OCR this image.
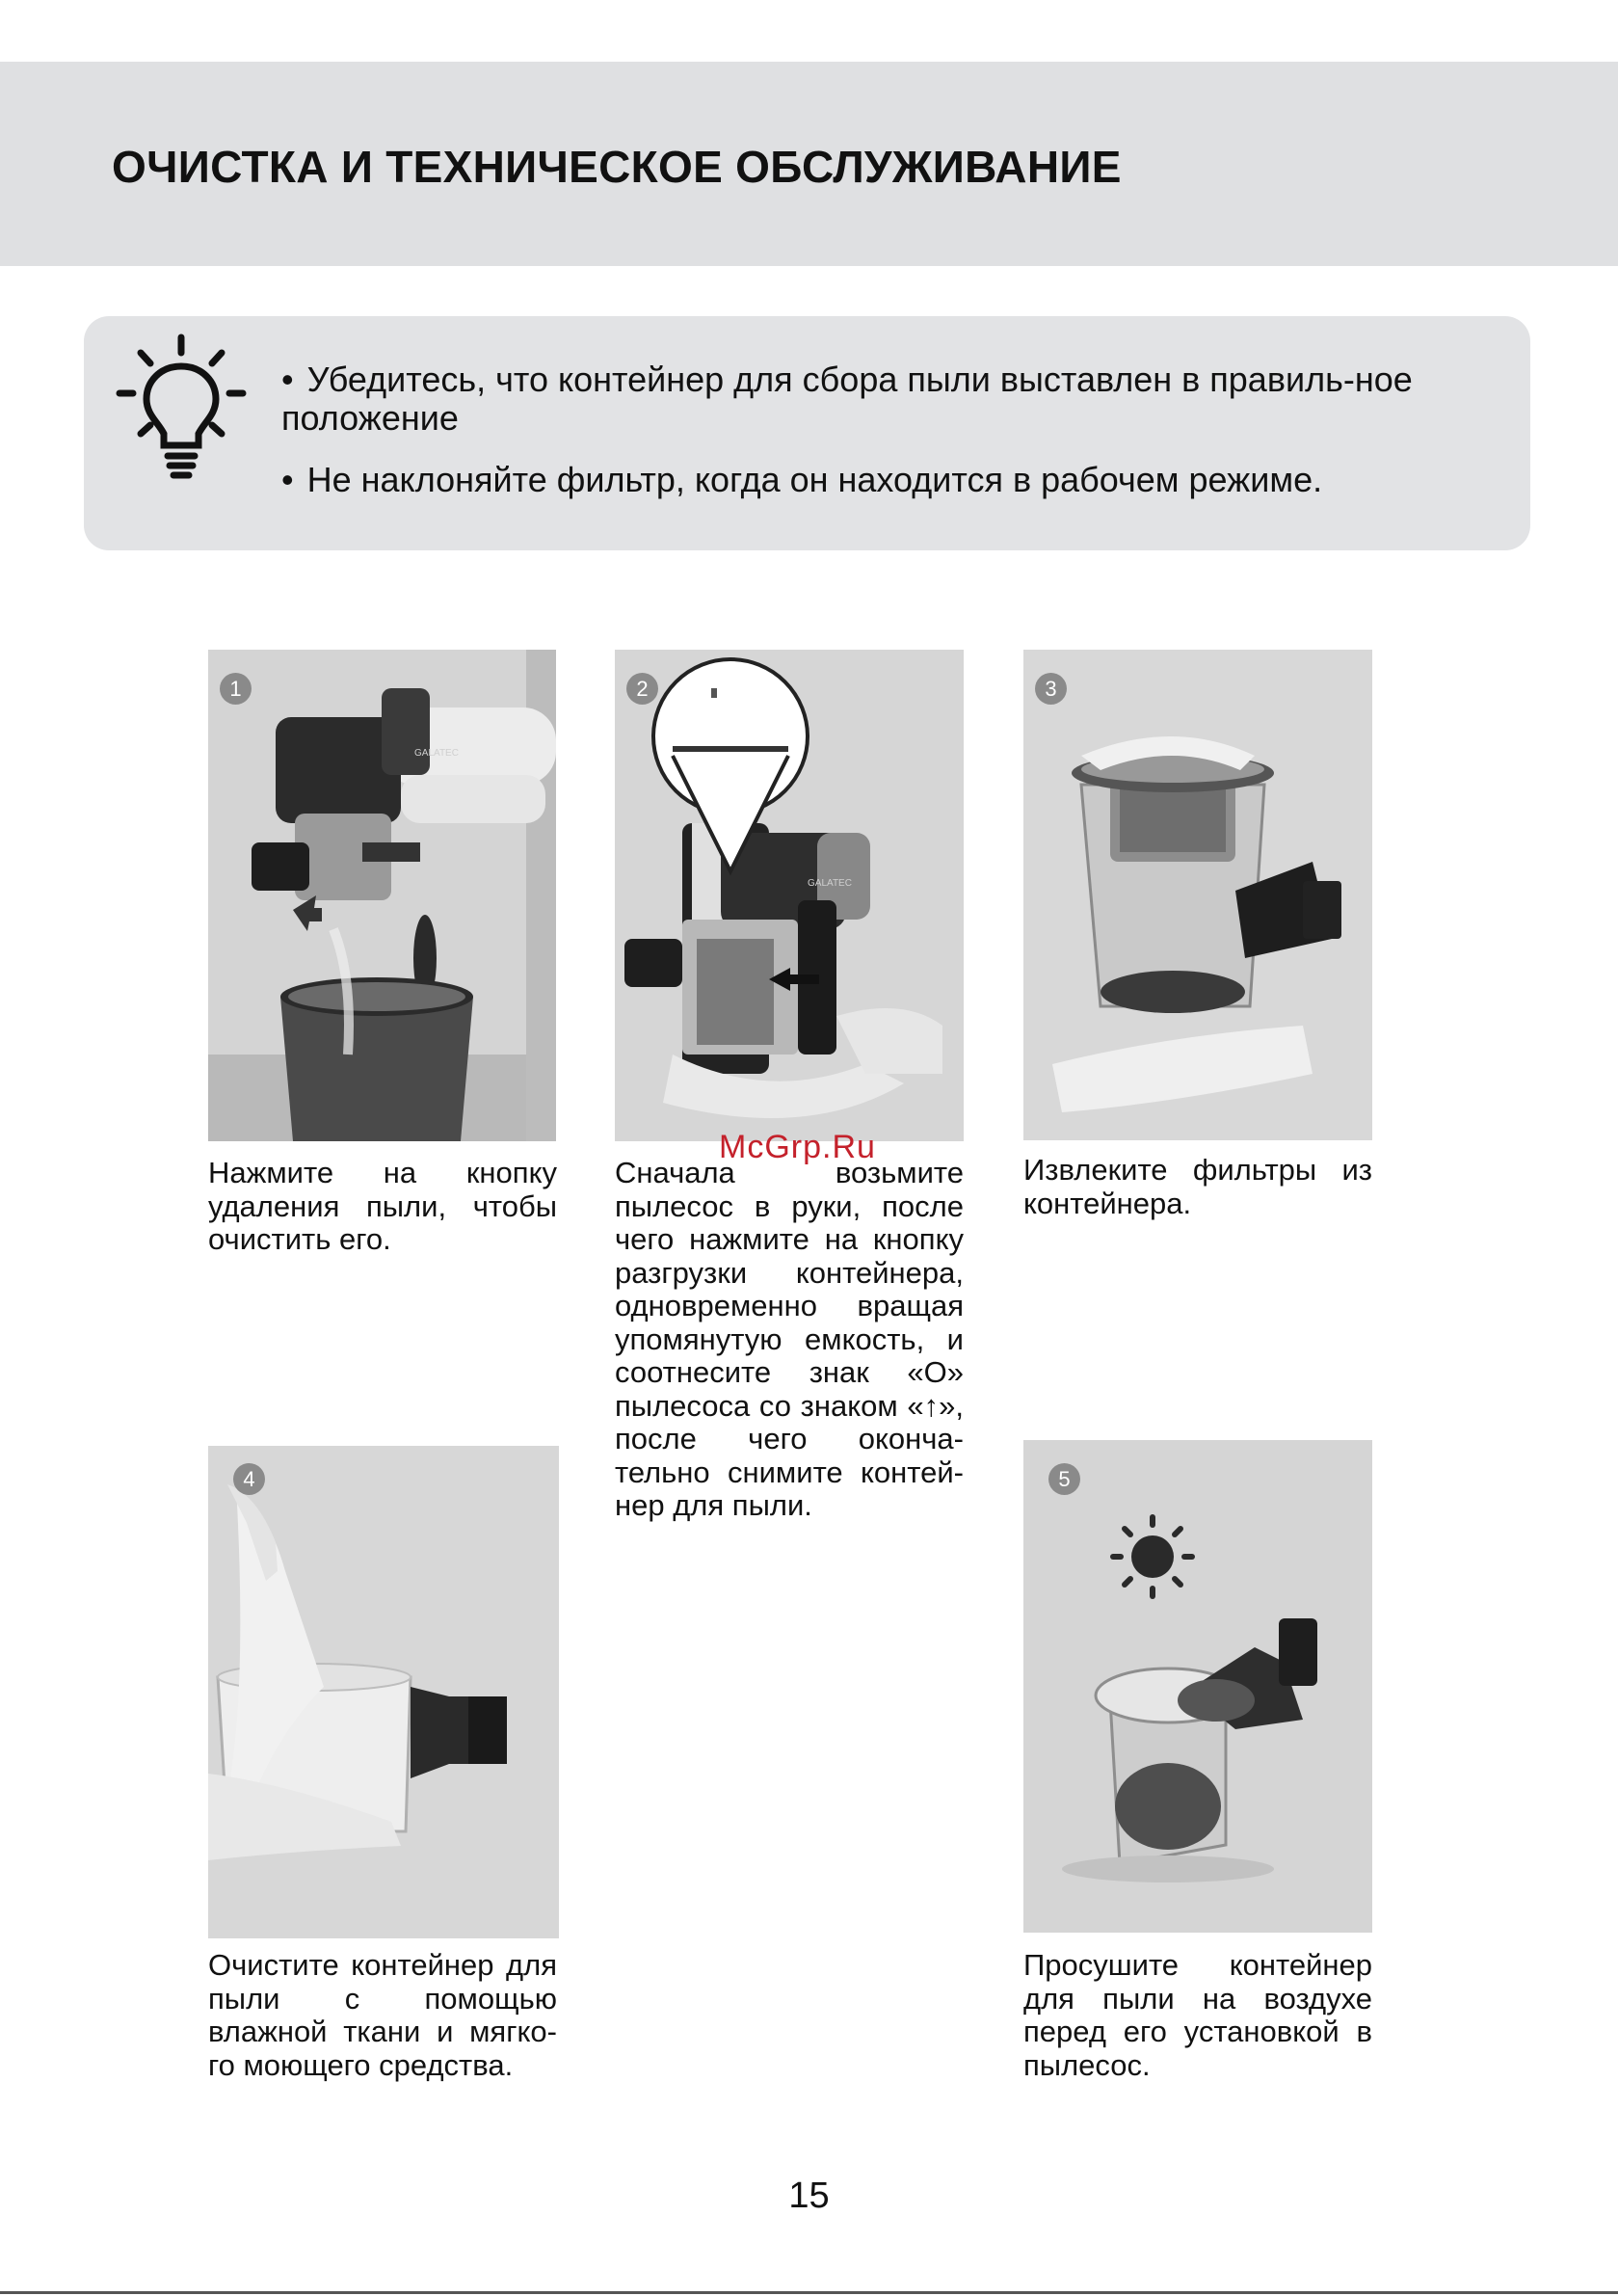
ОЧИСТКА И ТЕХНИЧЕСКОЕ ОБСЛУЖИВАНИЕ
• Убедитесь, что контейнер для сбора пыли выставлен в правиль-ное положение
• Не наклоняйте фильтр, когда он находится в рабочем режиме.
GALATEC
1
GALATEC
2	3
4	5
Нажмите на кнопку удаления пыли, чтобы очистить его.
Сначала возьмите пылесос в руки, после чего нажмите на кнопку разгрузки контейнера, одновременно вращая упомянутую емкость, и соотнесите знак «O» пылесоса со знаком «↑», после чего оконча-тельно снимите контей-нер для пыли.
Извлеките фильтры из контейнера.
Очистите контейнер для пыли с помощью влажной ткани и мягко-го моющего средства.
Просушите контейнер для пыли на воздухе перед его установкой в пылесос.
McGrp.Ru
15
